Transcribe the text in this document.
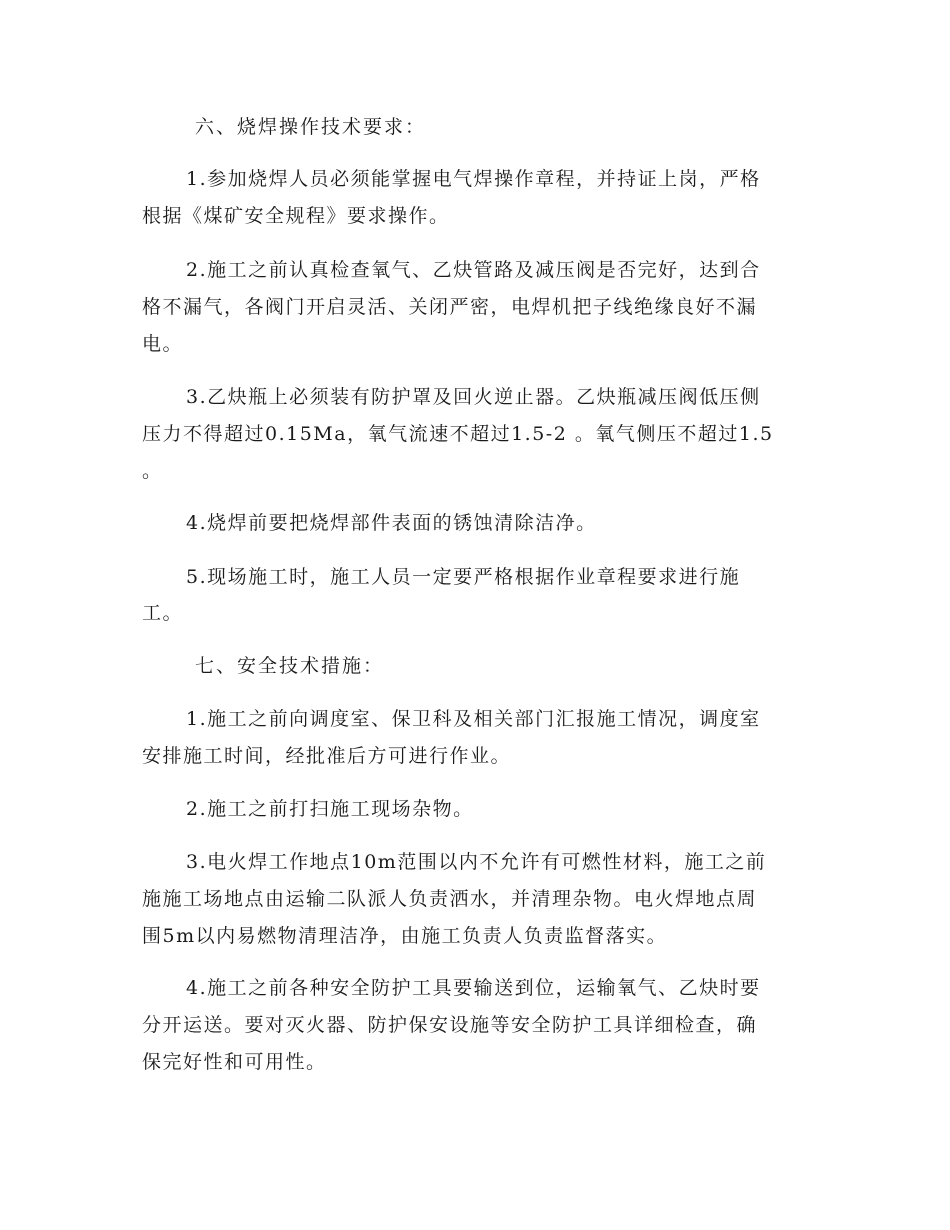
六、烧焊操作技术要求：
1.参加烧焊人员必须能掌握电气焊操作章程，并持证上岗，严格
根据《煤矿安全规程》要求操作。
2.施工之前认真检查氧气、乙炔管路及减压阀是否完好，达到合
格不漏气，各阀门开启灵活、关闭严密，电焊机把子线绝缘良好不漏
电。
3.乙炔瓶上必须装有防护罩及回火逆止器。乙炔瓶减压阀低压侧
压力不得超过0.15Ma，氧气流速不超过1.5-2 。氧气侧压不超过1.5
。
4.烧焊前要把烧焊部件表面的锈蚀清除洁净。
5.现场施工时，施工人员一定要严格根据作业章程要求进行施
工。
七、安全技术措施：
1.施工之前向调度室、保卫科及相关部门汇报施工情况，调度室
安排施工时间，经批准后方可进行作业。
2.施工之前打扫施工现场杂物。
3.电火焊工作地点10m范围以内不允许有可燃性材料，施工之前
施施工场地点由运输二队派人负责洒水，并清理杂物。电火焊地点周
围5m以内易燃物清理洁净，由施工负责人负责监督落实。
4.施工之前各种安全防护工具要输送到位，运输氧气、乙炔时要
分开运送。要对灭火器、防护保安设施等安全防护工具详细检查，确
保完好性和可用性。
